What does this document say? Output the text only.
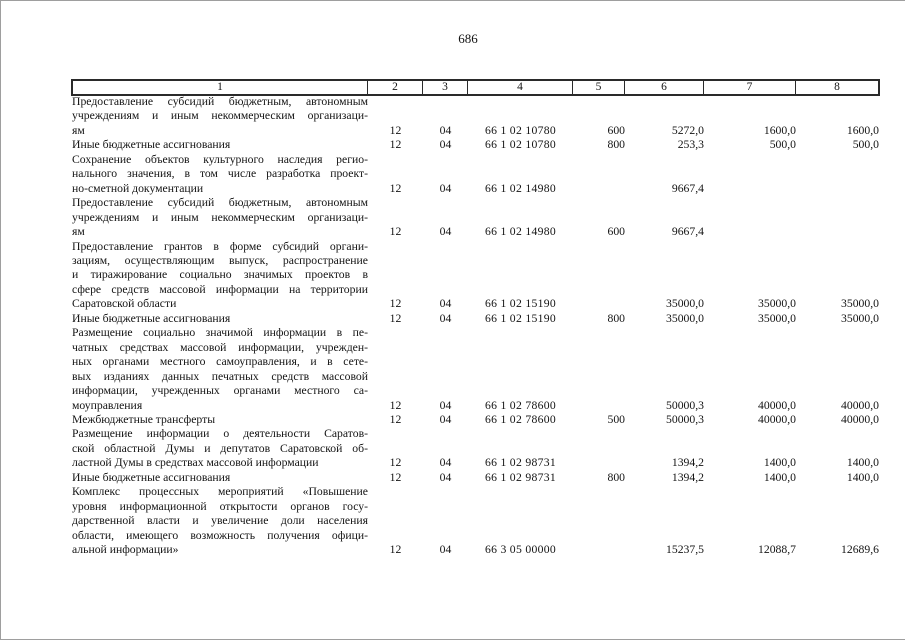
686
1	2	3	4	5	6	7	8
Предоставление субсидий бюджетным, автономным
учреждениям и иным некоммерческим организаци-
ям	12	04	66 1 02 10780	600	5272,0	1600,0	1600,0

Иные бюджетные ассигнования	12	04	66 1 02 10780	800	253,3	500,0	500,0

Сохранение объектов культурного наследия регио-
нального значения, в том числе разработка проект-
но-сметной документации	12	04	66 1 02 14980		9667,4		

Предоставление субсидий бюджетным, автономным
учреждениям и иным некоммерческим организаци-
ям	12	04	66 1 02 14980	600	9667,4		

Предоставление грантов в форме субсидий органи-
зациям, осуществляющим выпуск, распространение
и тиражирование социально значимых проектов в
сфере средств массовой информации на территории
Саратовской области	12	04	66 1 02 15190		35000,0	35000,0	35000,0

Иные бюджетные ассигнования	12	04	66 1 02 15190	800	35000,0	35000,0	35000,0

Размещение социально значимой информации в пе-
чатных средствах массовой информации, учрежден-
ных органами местного самоуправления, и в сете-
вых изданиях данных печатных средств массовой
информации, учрежденных органами местного са-
моуправления	12	04	66 1 02 78600		50000,3	40000,0	40000,0

Межбюджетные трансферты	12	04	66 1 02 78600	500	50000,3	40000,0	40000,0

Размещение информации о деятельности Саратов-
ской областной Думы и депутатов Саратовской об-
ластной Думы в средствах массовой информации	12	04	66 1 02 98731		1394,2	1400,0	1400,0

Иные бюджетные ассигнования	12	04	66 1 02 98731	800	1394,2	1400,0	1400,0

Комплекс процессных мероприятий «Повышение
уровня информационной открытости органов госу-
дарственной власти и увеличение доли населения
области, имеющего возможность получения офици-
альной информации»	12	04	66 3 05 00000		15237,5	12088,7	12689,6
